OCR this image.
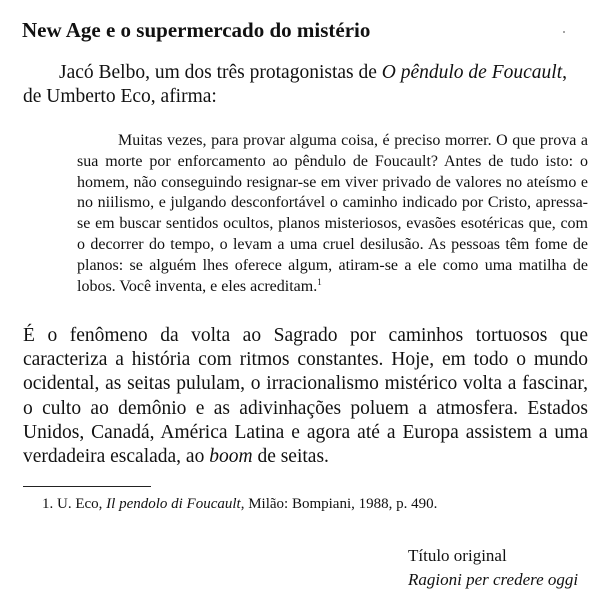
New Age e o supermercado do mistério

Jacó Belbo, um dos três protagonistas de O pêndulo de Foucault, de Umberto Eco, afirma:

Muitas vezes, para provar alguma coisa, é preciso morrer. O que prova a sua morte por enforcamento ao pêndulo de Foucault? Antes de tudo isto: o homem, não conseguindo resignar-se em viver privado de valores no ateísmo e no niilismo, e julgando desconfortável o caminho indicado por Cristo, apressa-se em buscar sentidos ocultos, planos misteriosos, evasões esotéricas que, com o decorrer do tempo, o levam a uma cruel desilusão. As pessoas têm fome de planos: se alguém lhes oferece algum, atiram-se a ele como uma matilha de lobos. Você inventa, e eles acreditam.$^1$

É o fenômeno da volta ao Sagrado por caminhos tortuosos que caracteriza a história com ritmos constantes. Hoje, em todo o mundo ocidental, as seitas pululam, o irracionalismo mistérico volta a fascinar, o culto ao demônio e as adivinhações poluem a atmosfera. Estados Unidos, Canadá, América Latina e agora até a Europa assistem a uma verdadeira escalada, ao boom de seitas.

1. U. Eco, Il pendolo di Foucault, Milão: Bompiani, 1988, p. 490.
Título original
Ragioni per credere oggi
